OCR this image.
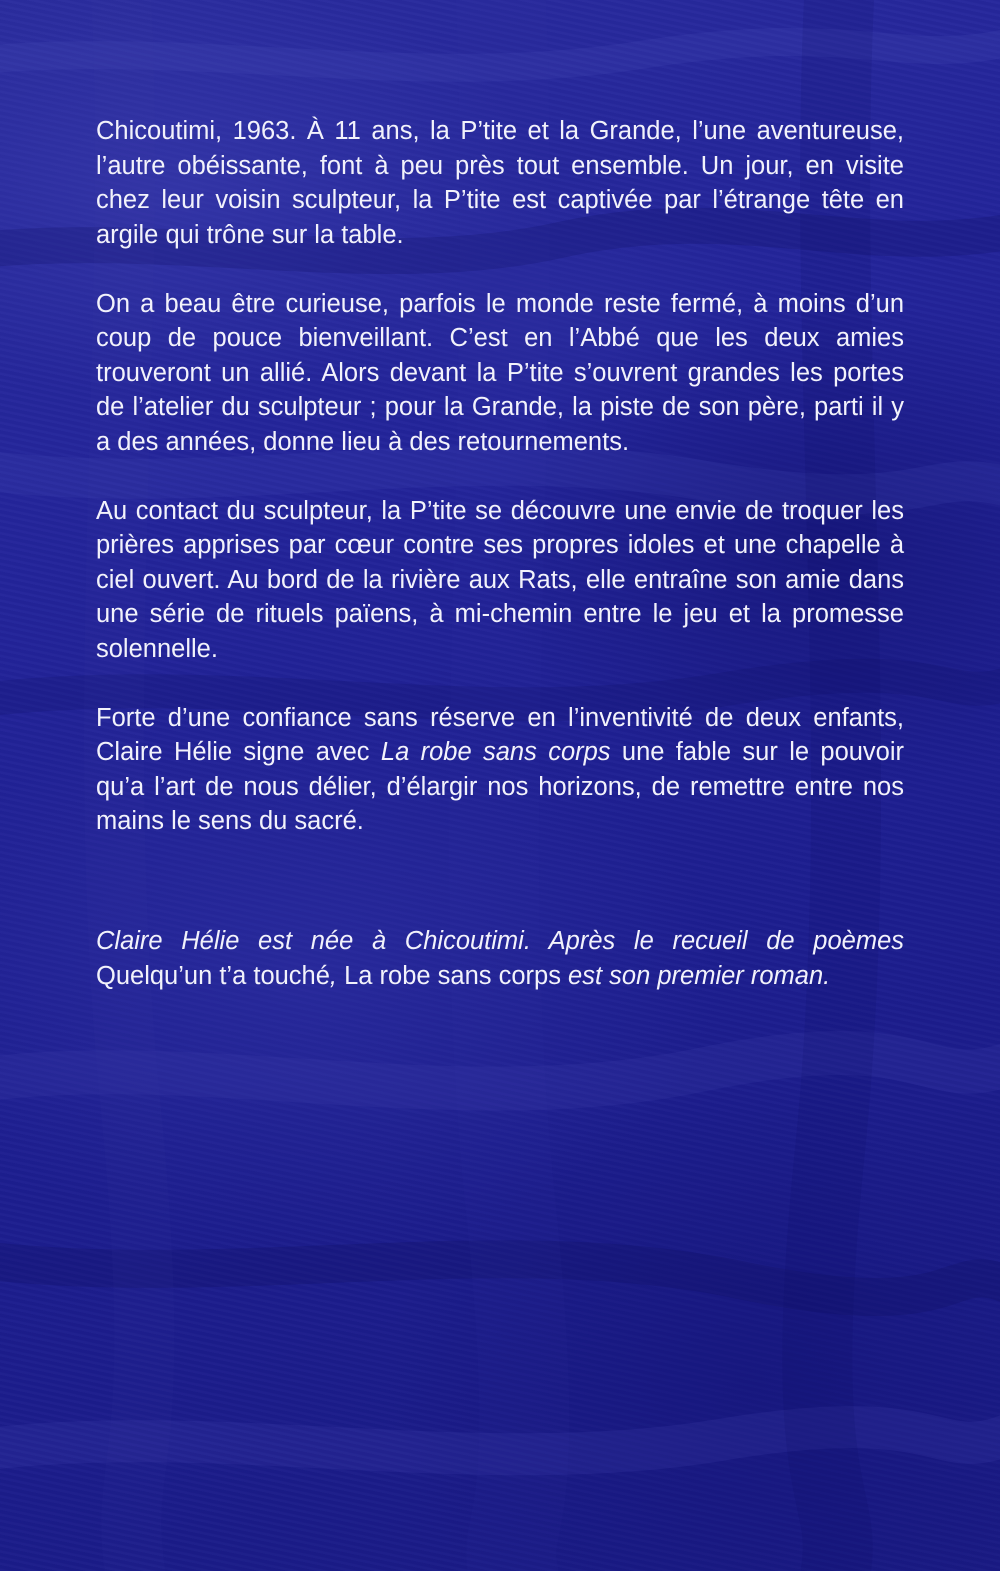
Chicoutimi, 1963. À 11 ans, la P’tite et la Grande, l’une aventureuse, l’autre obéissante, font à peu près tout ensemble. Un jour, en visite chez leur voisin sculpteur, la P’tite est captivée par l’étrange tête en argile qui trône sur la table.

On a beau être curieuse, parfois le monde reste fermé, à moins d’un coup de pouce bienveillant. C’est en l’Abbé que les deux amies trouveront un allié. Alors devant la P’tite s’ouvrent grandes les portes de l’atelier du sculpteur ; pour la Grande, la piste de son père, parti il y a des années, donne lieu à des retournements.

Au contact du sculpteur, la P’tite se découvre une envie de troquer les prières apprises par cœur contre ses propres idoles et une chapelle à ciel ouvert. Au bord de la rivière aux Rats, elle entraîne son amie dans une série de rituels païens, à mi-chemin entre le jeu et la promesse solennelle.

Forte d’une confiance sans réserve en l’inventivité de deux enfants, Claire Hélie signe avec La robe sans corps une fable sur le pouvoir qu’a l’art de nous délier, d’élargir nos horizons, de remettre entre nos mains le sens du sacré.

Claire Hélie est née à Chicoutimi. Après le recueil de poèmes Quelqu’un t’a touché, La robe sans corps est son premier roman.
